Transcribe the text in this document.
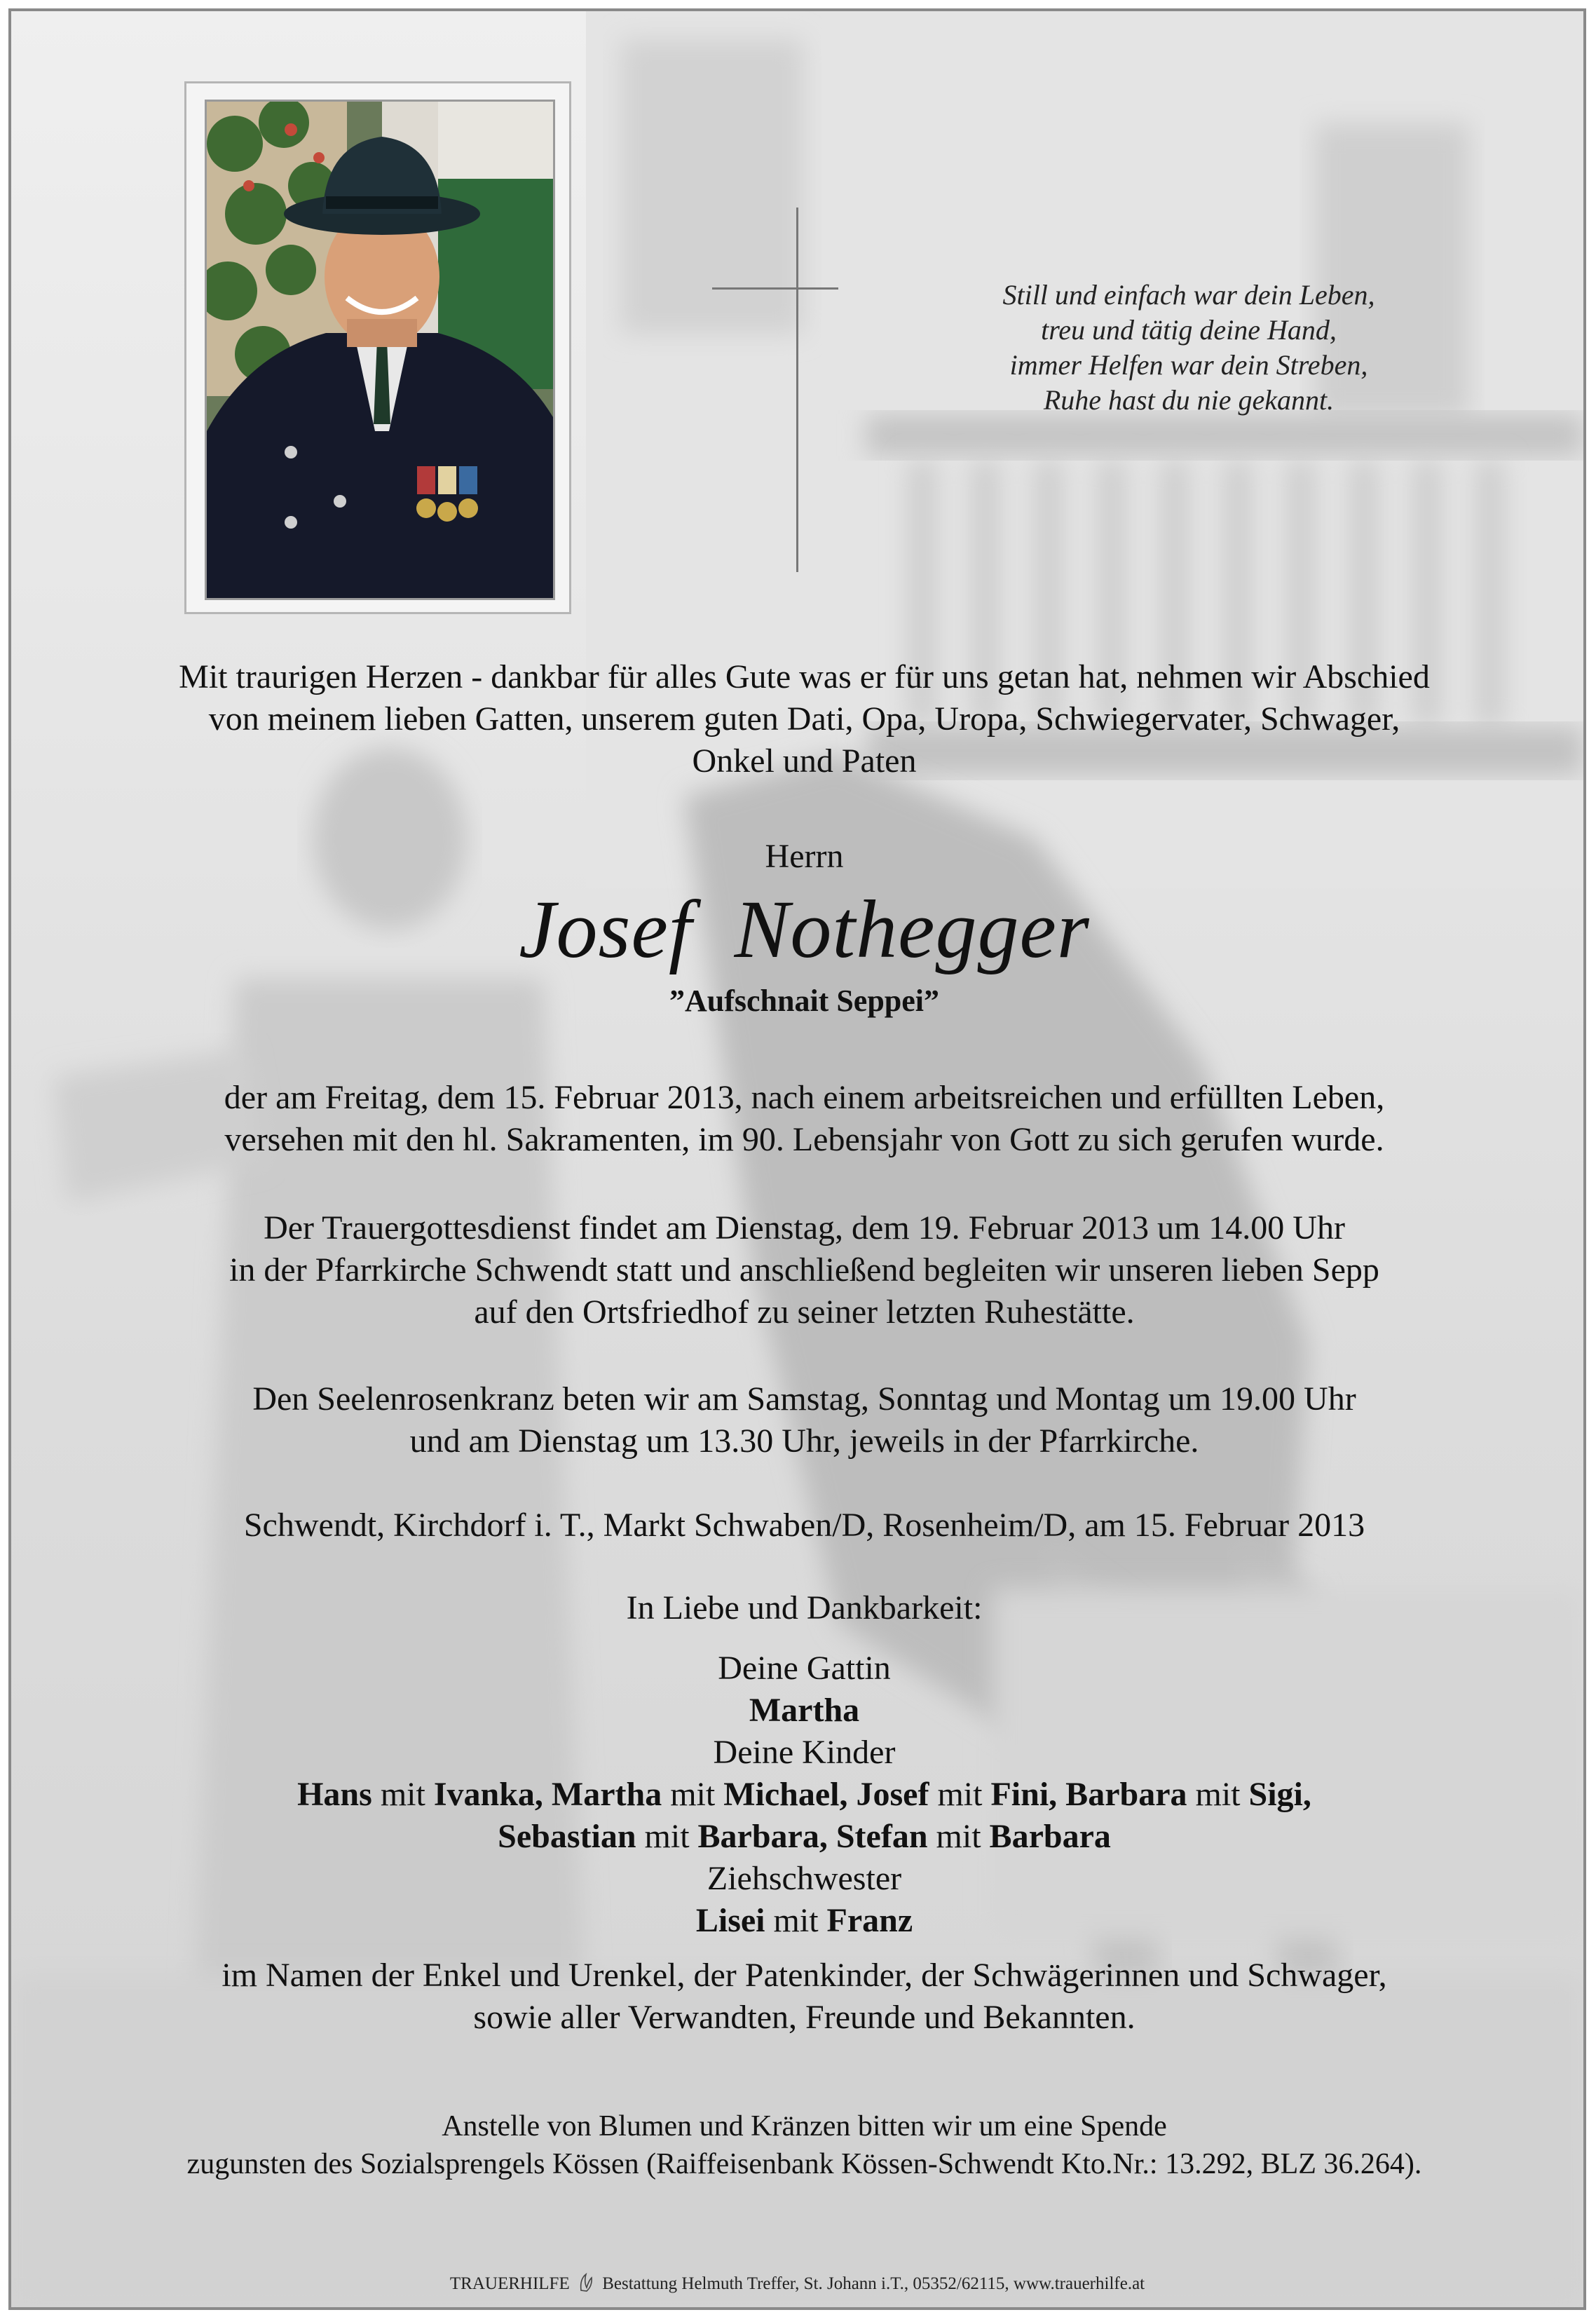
Still und einfach war dein Leben,
treu und tätig deine Hand,
immer Helfen war dein Streben,
Ruhe hast du nie gekannt.
Mit traurigen Herzen - dankbar für alles Gute was er für uns getan hat, nehmen wir Abschied
von meinem lieben Gatten, unserem guten Dati, Opa, Uropa, Schwiegervater, Schwager,
Onkel und Paten
Herrn
Josef Nothegger
”Aufschnait Seppei”
der am Freitag, dem 15. Februar 2013, nach einem arbeitsreichen und erfüllten Leben,
versehen mit den hl. Sakramenten, im 90. Lebensjahr von Gott zu sich gerufen wurde.
Der Trauergottesdienst findet am Dienstag, dem 19. Februar 2013 um 14.00 Uhr
in der Pfarrkirche Schwendt statt und anschließend begleiten wir unseren lieben Sepp
auf den Ortsfriedhof zu seiner letzten Ruhestätte.
Den Seelenrosenkranz beten wir am Samstag, Sonntag und Montag um 19.00 Uhr
und am Dienstag um 13.30 Uhr, jeweils in der Pfarrkirche.
Schwendt, Kirchdorf i. T., Markt Schwaben/D, Rosenheim/D, am 15. Februar 2013
In Liebe und Dankbarkeit:
Deine Gattin
Martha
Deine Kinder
Hans mit Ivanka, Martha mit Michael, Josef mit Fini, Barbara mit Sigi,
Sebastian mit Barbara, Stefan mit Barbara
Ziehschwester
Lisei mit Franz
im Namen der Enkel und Urenkel, der Patenkinder, der Schwägerinnen und Schwager,
sowie aller Verwandten, Freunde und Bekannten.
Anstelle von Blumen und Kränzen bitten wir um eine Spende
zugunsten des Sozialsprengels Kössen (Raiffeisenbank Kössen-Schwendt Kto.Nr.: 13.292, BLZ 36.264).
TRAUERHILFE Bestattung Helmuth Treffer, St. Johann i.T., 05352/62115, www.trauerhilfe.at
